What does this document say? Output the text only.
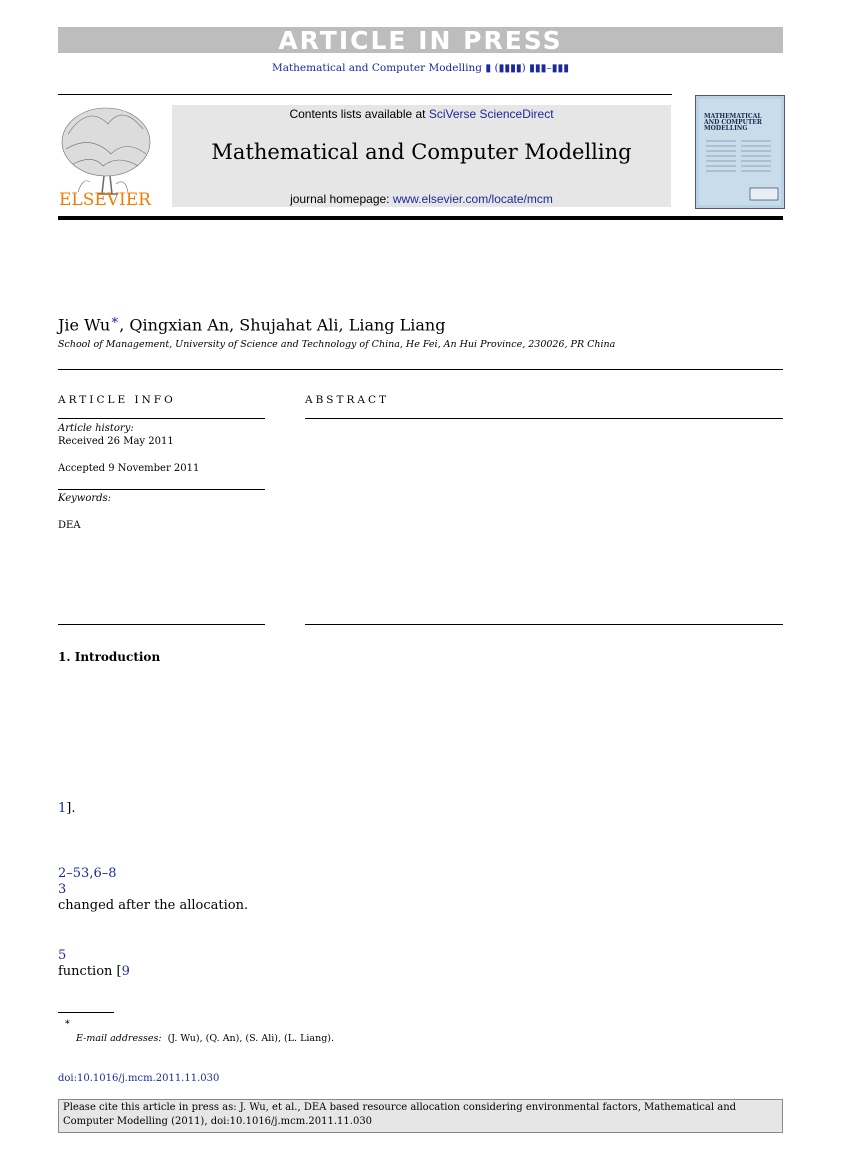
ARTICLE IN PRESS
Mathematical and Computer Modelling ▮ (▮▮▮▮) ▮▮▮–▮▮▮
ELSEVIER
Contents lists available at SciVerse ScienceDirect
Mathematical and Computer Modelling
journal homepage: www.elsevier.com/locate/mcm
MATHEMATICAL AND COMPUTER MODELLING
Jie Wu∗, Qingxian An, Shujahat Ali, Liang Liang
School of Management, University of Science and Technology of China, He Fei, An Hui Province, 230026, PR China
ARTICLE INFO	ABSTRACT
Article history:
Received 26 May 2011
Accepted 9 November 2011
Keywords:
DEA
1. Introduction
1].
2–53,6–8
3
changed after the allocation.
5
function [9
∗
E-mail addresses: (J. Wu), (Q. An), (S. Ali), (L. Liang).
doi:10.1016/j.mcm.2011.11.030
Please cite this article in press as: J. Wu, et al., DEA based resource allocation considering environmental factors, Mathematical and Computer Modelling (2011), doi:10.1016/j.mcm.2011.11.030
